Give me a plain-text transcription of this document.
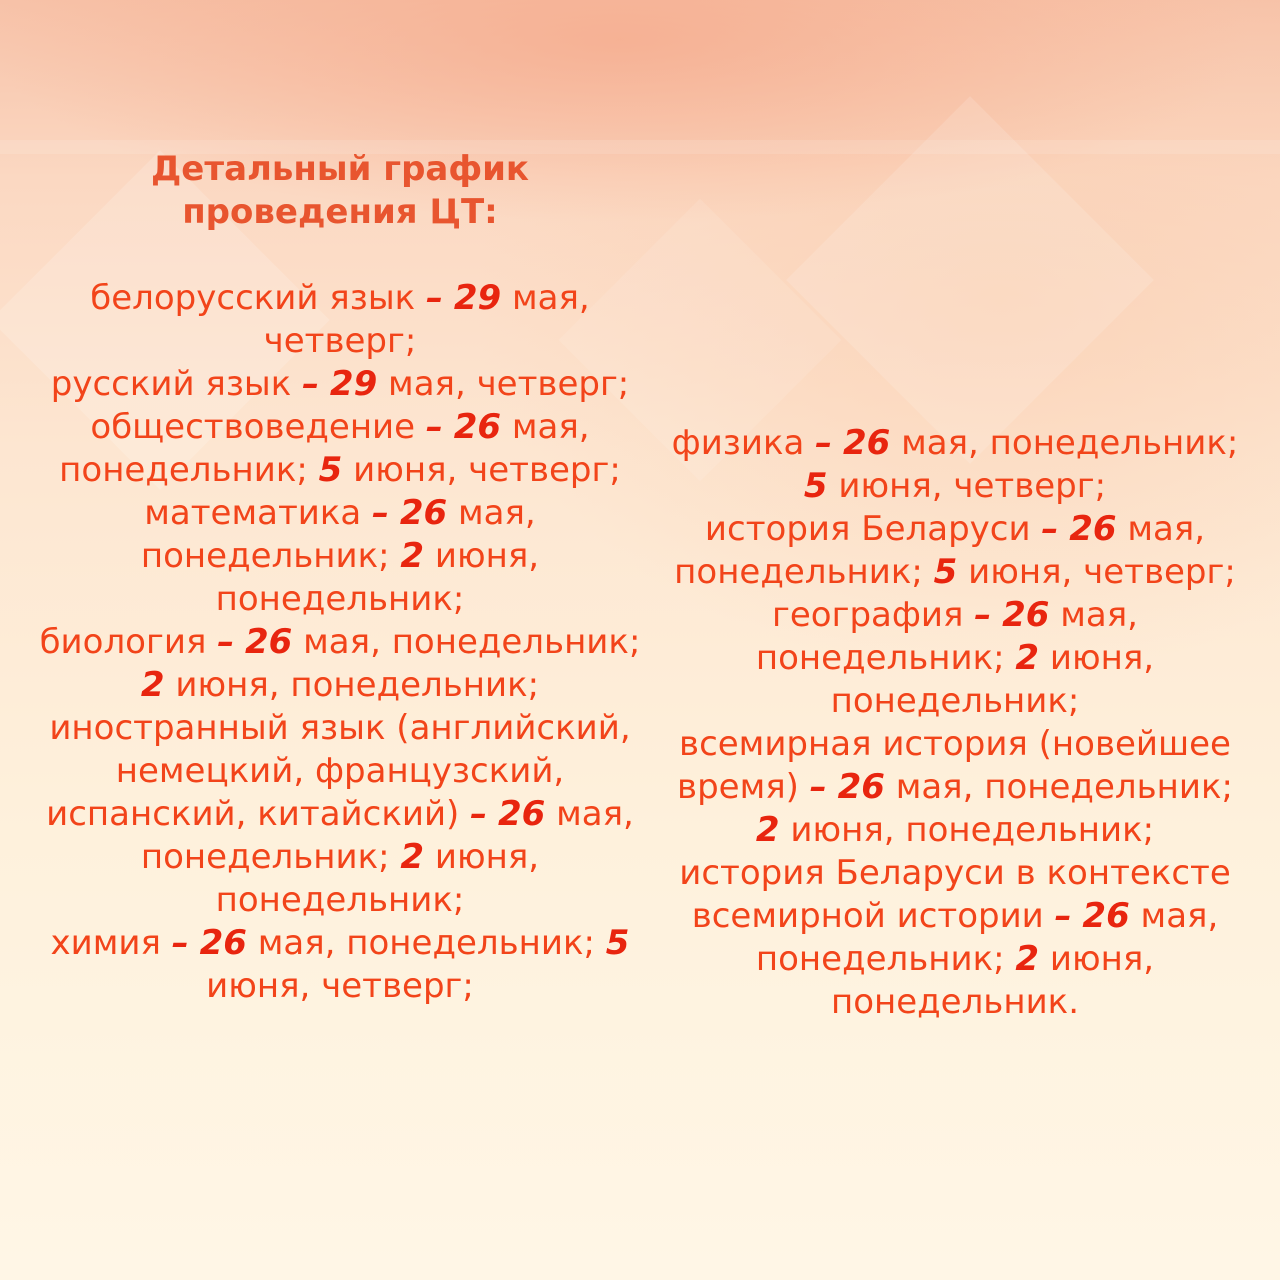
Детальный график
проведения ЦТ:
белорусский язык – 29 мая, четверг;
русский язык – 29 мая, четверг;
обществоведение – 26 мая, понедельник; 5 июня, четверг;
математика – 26 мая, понедельник; 2 июня, понедельник;
биология – 26 мая, понедельник; 2 июня, понедельник;
иностранный язык (английский, немецкий, французский, испанский, китайский) – 26 мая, понедельник; 2 июня, понедельник;
химия – 26 мая, понедельник; 5 июня, четверг;
физика – 26 мая, понедельник; 5 июня, четверг;
история Беларуси – 26 мая, понедельник; 5 июня, четверг;
география – 26 мая, понедельник; 2 июня, понедельник;
всемирная история (новейшее время) – 26 мая, понедельник; 2 июня, понедельник;
история Беларуси в контексте всемирной истории – 26 мая, понедельник; 2 июня, понедельник.
